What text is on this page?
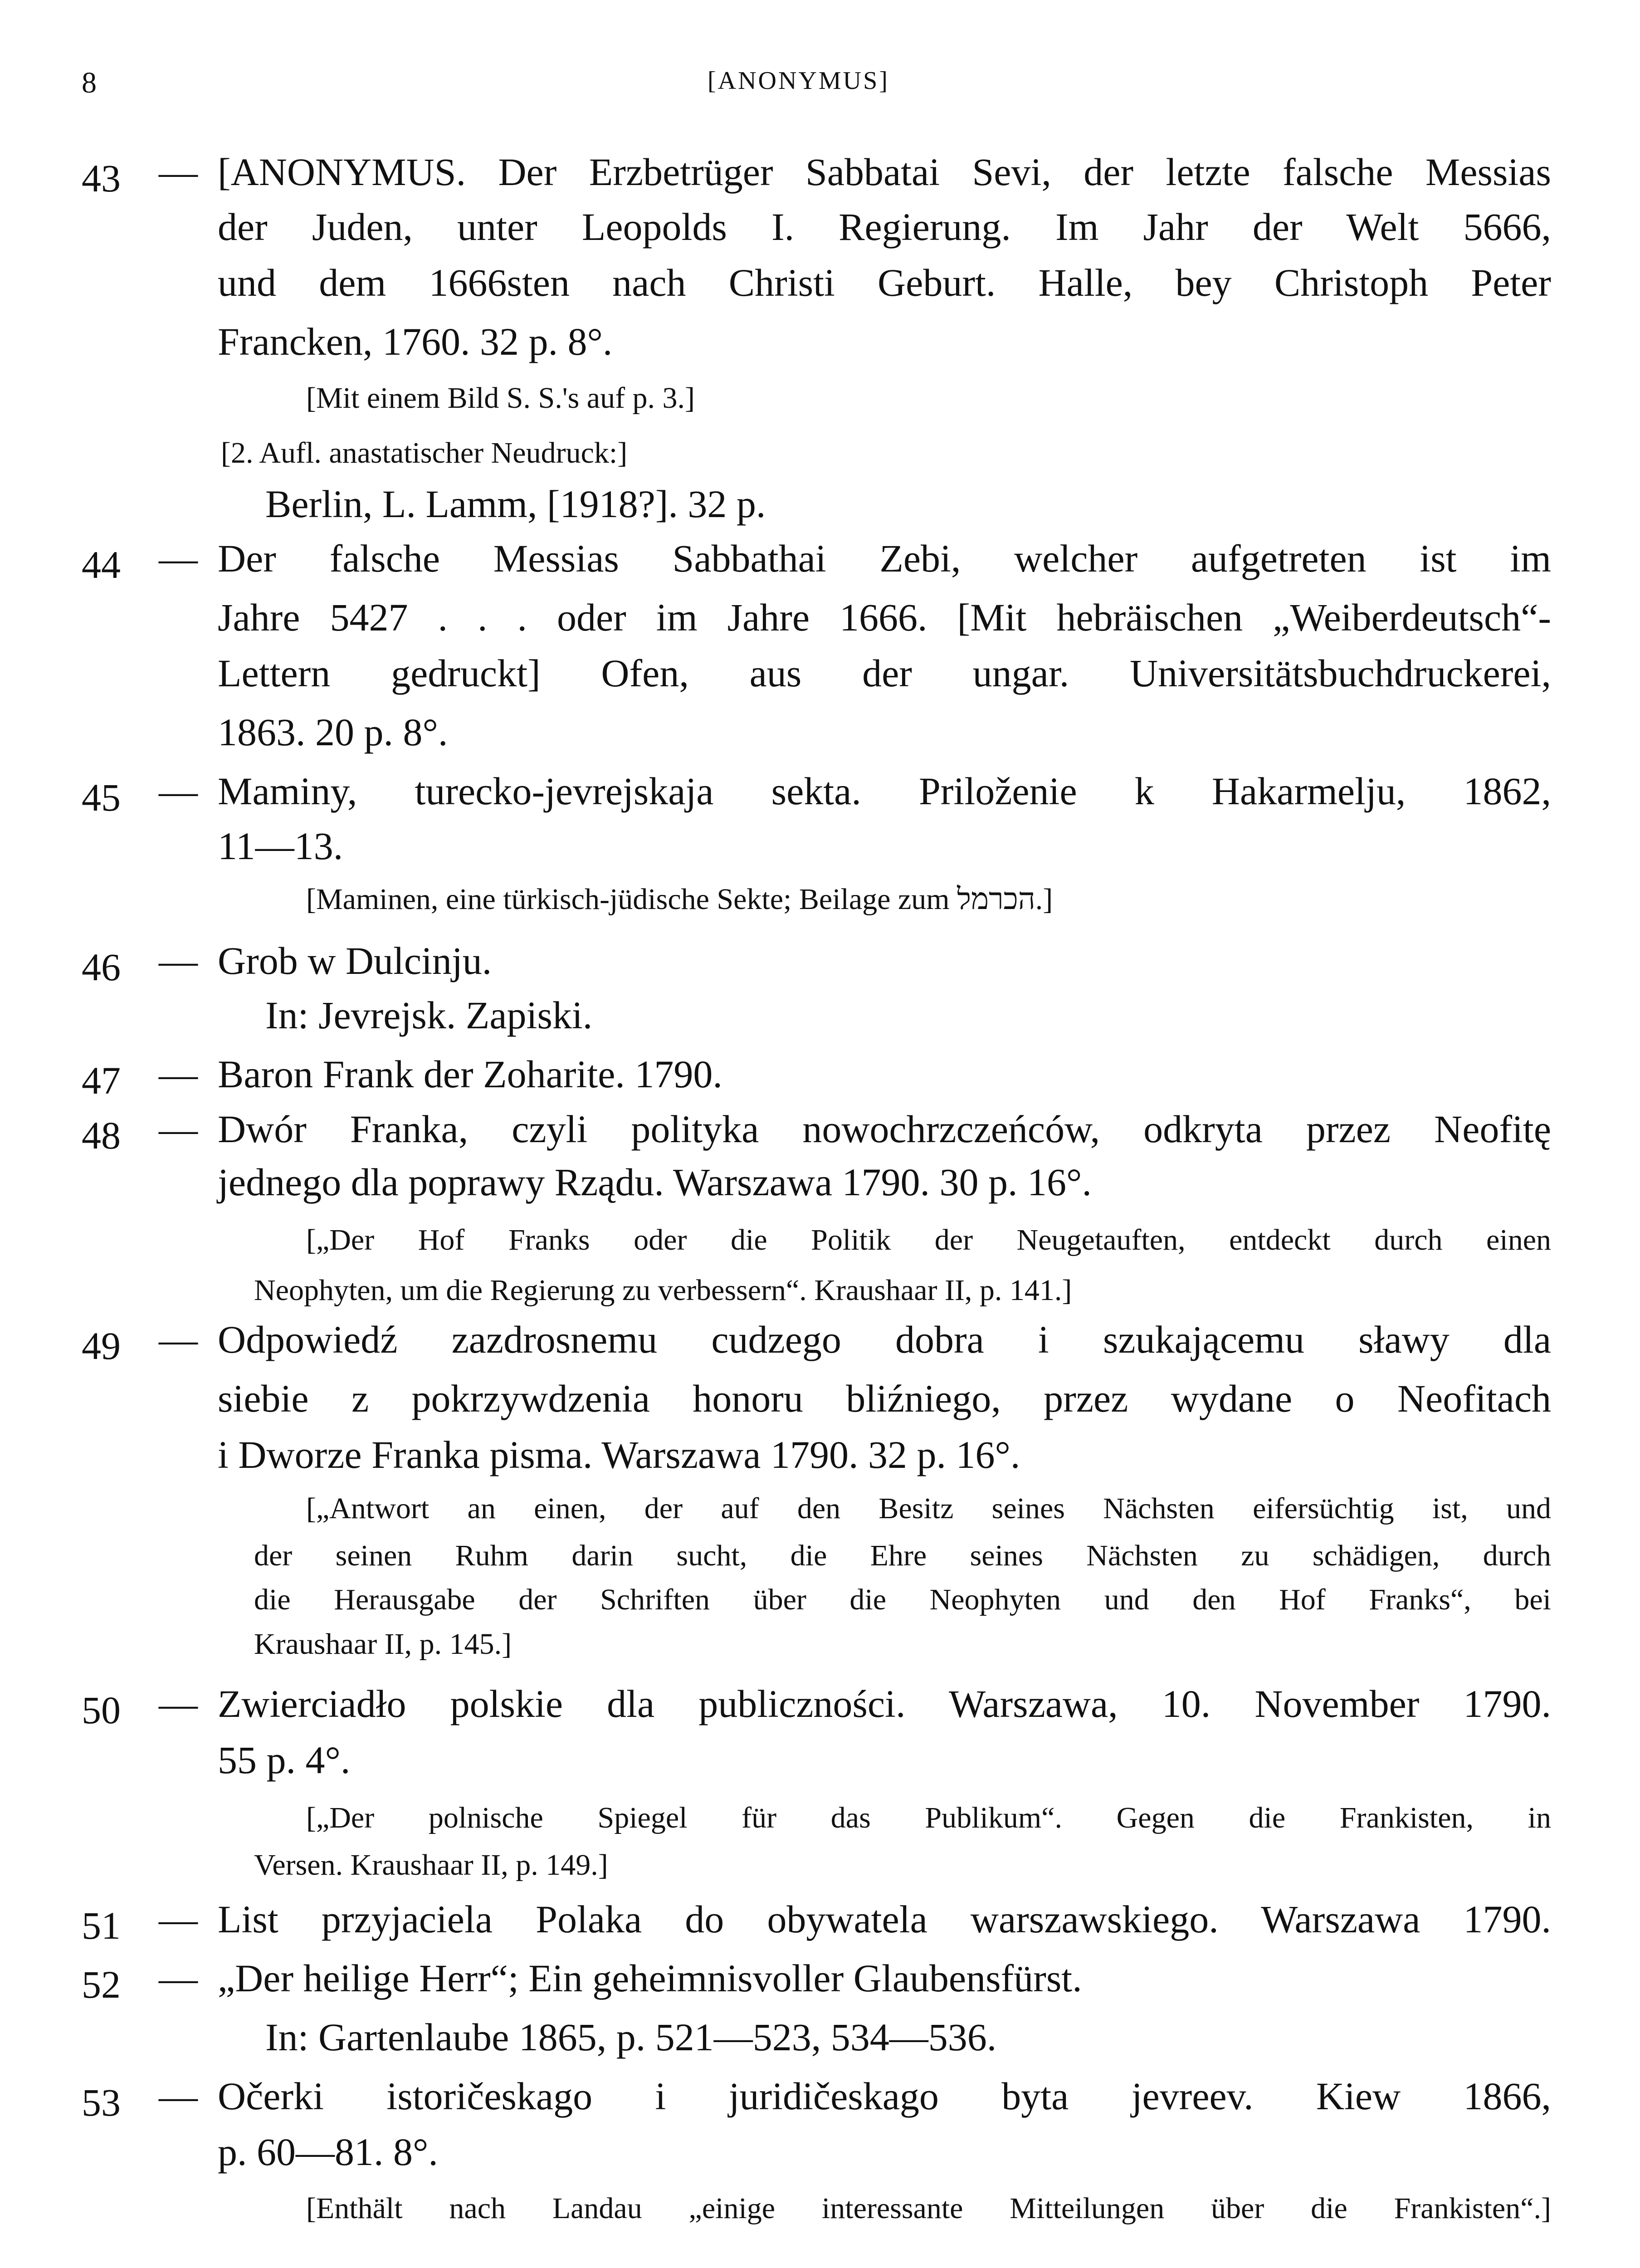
8	[ANONYMUS]
43 — [ANONYMUS. Der Erzbetrüger Sabbatai Sevi, der letzte falsche Messias
der Juden, unter Leopolds I. Regierung. Im Jahr der Welt 5666,
und dem 1666sten nach Christi Geburt. Halle, bey Christoph Peter
Francken, 1760. 32 p. 8°.
[Mit einem Bild S. S.'s auf p. 3.]
[2. Aufl. anastatischer Neudruck:]
Berlin, L. Lamm, [1918?]. 32 p.
44 — Der falsche Messias Sabbathai Zebi, welcher aufgetreten ist im
Jahre 5427 . . . oder im Jahre 1666. [Mit hebräischen „Weiberdeutsch“-
Lettern gedruckt] Ofen, aus der ungar. Universitätsbuchdruckerei,
1863. 20 p. 8°.
45 — Maminy, turecko-jevrejskaja sekta. Priloženie k Hakarmelju, 1862,
11—13.
[Maminen, eine türkisch-jüdische Sekte; Beilage zum הכרמל.]
46 — Grob w Dulcinju.
In: Jevrejsk. Zapiski.
47 — Baron Frank der Zoharite. 1790.
48 — Dwór Franka, czyli polityka nowochrzczeńców, odkryta przez Neofitę
jednego dla poprawy Rządu. Warszawa 1790. 30 p. 16°.
[„Der Hof Franks oder die Politik der Neugetauften, entdeckt durch einen
Neophyten, um die Regierung zu verbessern“. Kraushaar II, p. 141.]
49 — Odpowiedź zazdrosnemu cudzego dobra i szukającemu sławy dla
siebie z pokrzywdzenia honoru bliźniego, przez wydane o Neofitach
i Dworze Franka pisma. Warszawa 1790. 32 p. 16°.
[„Antwort an einen, der auf den Besitz seines Nächsten eifersüchtig ist, und
der seinen Ruhm darin sucht, die Ehre seines Nächsten zu schädigen, durch
die Herausgabe der Schriften über die Neophyten und den Hof Franks“, bei
Kraushaar II, p. 145.]
50 — Zwierciadło polskie dla publiczności. Warszawa, 10. November 1790.
55 p. 4°.
[„Der polnische Spiegel für das Publikum“. Gegen die Frankisten, in
Versen. Kraushaar II, p. 149.]
51 — List przyjaciela Polaka do obywatela warszawskiego. Warszawa 1790.
52 — „Der heilige Herr“; Ein geheimnisvoller Glaubensfürst.
In: Gartenlaube 1865, p. 521—523, 534—536.
53 — Očerki istoričeskago i juridičeskago byta jevreev. Kiew 1866,
p. 60—81. 8°.
[Enthält nach Landau „einige interessante Mitteilungen über die Frankisten“.]
